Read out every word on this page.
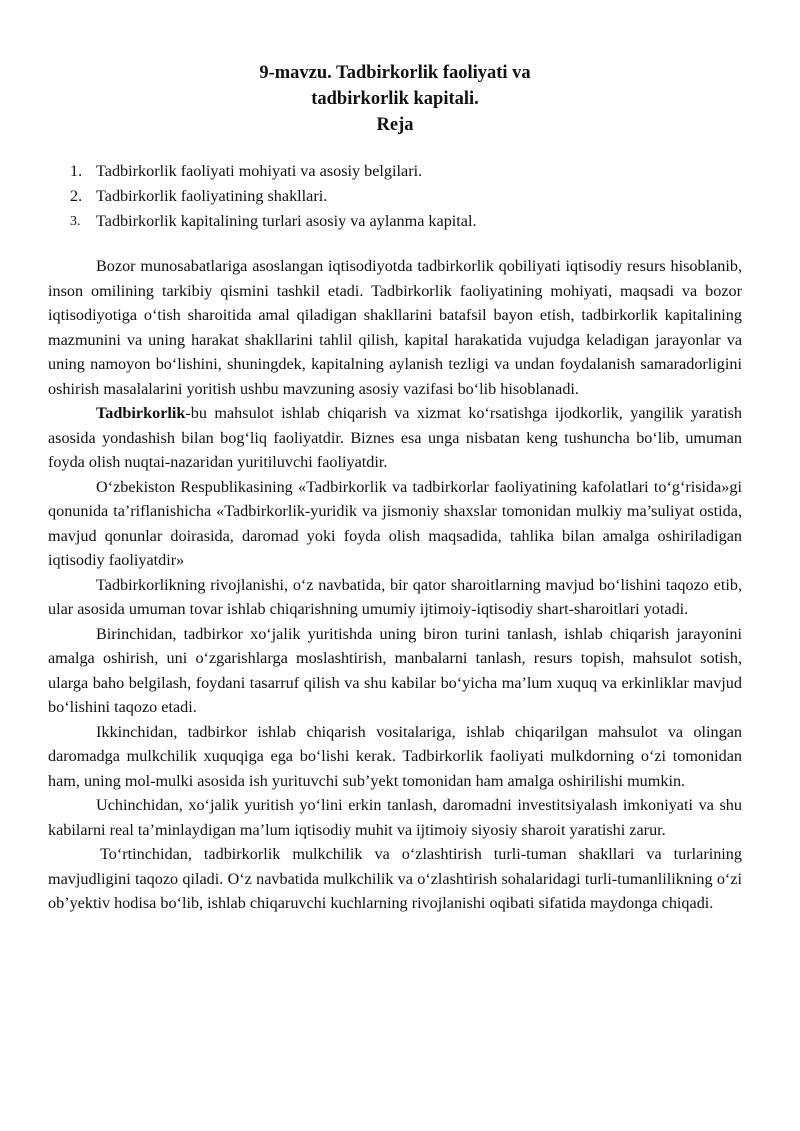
9-mavzu. Tadbirkorlik faoliyati va
tadbirkorlik kapitali.
Reja
1. Tadbirkorlik faoliyati mohiyati va asosiy belgilari.
2. Tadbirkorlik faoliyatining shakllari.
3. Tadbirkorlik kapitalining turlari asosiy va aylanma kapital.

Bozor munosabatlariga asoslangan iqtisodiyotda tadbirkorlik qobiliyati iqtisodiy resurs hisoblanib, inson omilining tarkibiy qismini tashkil etadi. Tadbirkorlik faoliyatining mohiyati, maqsadi va bozor iqtisodiyotiga o‘tish sharoitida amal qiladigan shakllarini batafsil bayon etish, tadbirkorlik kapitalining mazmunini va uning harakat shakllarini tahlil qilish, kapital harakatida vujudga keladigan jarayonlar va uning namoyon bo‘lishini, shuningdek, kapitalning aylanish tezligi va undan foydalanish samaradorligini oshirish masalalarini yoritish ushbu mavzuning asosiy vazifasi bo‘lib hisoblanadi.

Tadbirkorlik-bu mahsulot ishlab chiqarish va xizmat ko‘rsatishga ijodkorlik, yangilik yaratish asosida yondashish bilan bog‘liq faoliyatdir. Biznes esa unga nisbatan keng tushuncha bo‘lib, umuman foyda olish nuqtai-nazaridan yuritiluvchi faoliyatdir.

O‘zbekiston Respublikasining «Tadbirkorlik va tadbirkorlar faoliyatining kafolatlari to‘g‘risida»gi qonunida ta’riflanishicha «Tadbirkorlik-yuridik va jismoniy shaxslar tomonidan mulkiy ma’suliyat ostida, mavjud qonunlar doirasida, daromad yoki foyda olish maqsadida, tahlika bilan amalga oshiriladigan iqtisodiy faoliyatdir»

Tadbirkorlikning rivojlanishi, o‘z navbatida, bir qator sharoitlarning mavjud bo‘lishini taqozo etib, ular asosida umuman tovar ishlab chiqarishning umumiy ijtimoiy-iqtisodiy shart-sharoitlari yotadi.

Birinchidan, tadbirkor xo‘jalik yuritishda uning biron turini tanlash, ishlab chiqarish jarayonini amalga oshirish, uni o‘zgarishlarga moslashtirish, manbalarni tanlash, resurs topish, mahsulot sotish, ularga baho belgilash, foydani tasarruf qilish va shu kabilar bo‘yicha ma’lum xuquq va erkinliklar mavjud bo‘lishini taqozo etadi.

Ikkinchidan, tadbirkor ishlab chiqarish vositalariga, ishlab chiqarilgan mahsulot va olingan daromadga mulkchilik xuquqiga ega bo‘lishi kerak. Tadbirkorlik faoliyati mulkdorning o‘zi tomonidan ham, uning mol-mulki asosida ish yurituvchi sub’yekt tomonidan ham amalga oshirilishi mumkin.

Uchinchidan, xo‘jalik yuritish yo‘lini erkin tanlash, daromadni investitsiyalash imkoniyati va shu kabilarni real ta’minlaydigan ma’lum iqtisodiy muhit va ijtimoiy siyosiy sharoit yaratishi zarur.

To‘rtinchidan, tadbirkorlik mulkchilik va o‘zlashtirish turli-tuman shakllari va turlarining mavjudligini taqozo qiladi. O‘z navbatida mulkchilik va o‘zlashtirish sohalaridagi turli-tumanlilikning o‘zi ob’yektiv hodisa bo‘lib, ishlab chiqaruvchi kuchlarning rivojlanishi oqibati sifatida maydonga chiqadi.
